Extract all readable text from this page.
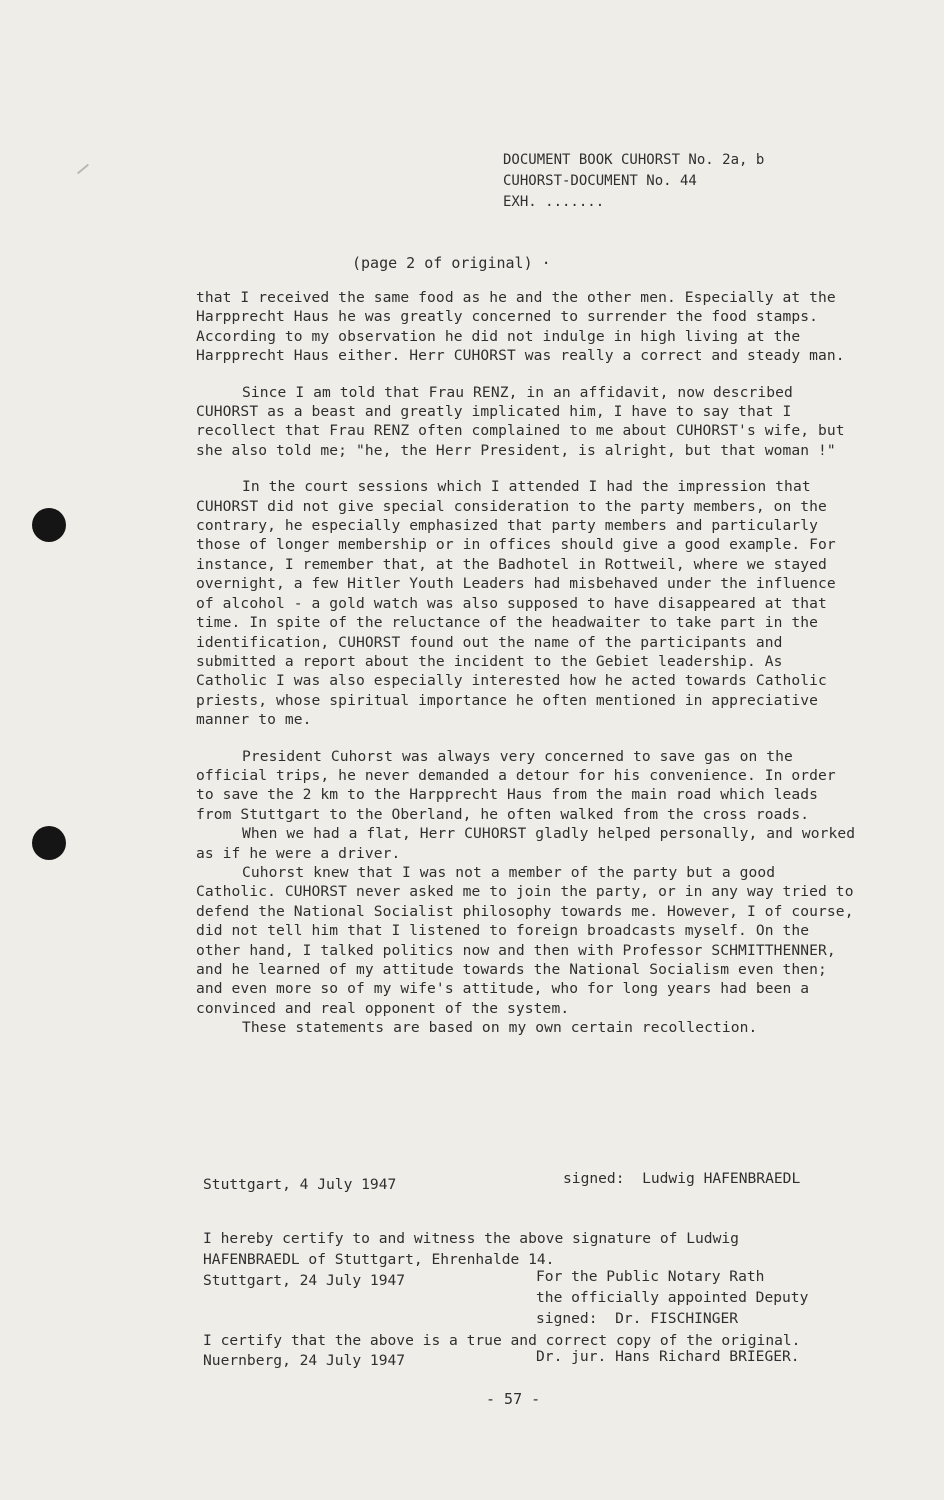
DOCUMENT BOOK CUHORST No. 2a, b
CUHORST-DOCUMENT No. 44
EXH. .......
(page 2 of original) ·

that I received the same food as he and the other men. Especially at the Harpprecht Haus he was greatly concerned to surrender the food stamps. According to my observation he did not indulge in high living at the Harpprecht Haus either. Herr CUHORST was really a correct and steady man.

Since I am told that Frau RENZ, in an affidavit, now described CUHORST as a beast and greatly implicated him, I have to say that I recollect that Frau RENZ often complained to me about CUHORST's wife, but she also told me; "he, the Herr President, is alright, but that woman !"

In the court sessions which I attended I had the impression that CUHORST did not give special consideration to the party members, on the contrary, he especially emphasized that party members and particularly those of longer membership or in offices should give a good example. For instance, I remember that, at the Badhotel in Rottweil, where we stayed overnight, a few Hitler Youth Leaders had misbehaved under the influence of alcohol - a gold watch was also supposed to have disappeared at that time. In spite of the reluctance of the headwaiter to take part in the identification, CUHORST found out the name of the participants and submitted a report about the incident to the Gebiet leadership. As Catholic I was also especially interested how he acted towards Catholic priests, whose spiritual importance he often mentioned in appreciative manner to me.

President Cuhorst was always very concerned to save gas on the official trips, he never demanded a detour for his convenience. In order to save the 2 km to the Harpprecht Haus from the main road which leads from Stuttgart to the Oberland, he often walked from the cross roads.

When we had a flat, Herr CUHORST gladly helped personally, and worked as if he were a driver.

Cuhorst knew that I was not a member of the party but a good Catholic. CUHORST never asked me to join the party, or in any way tried to defend the National Socialist philosophy towards me. However, I of course, did not tell him that I listened to foreign broadcasts myself. On the other hand, I talked politics now and then with Professor SCHMITTHENNER, and he learned of my attitude towards the National Socialism even then; and even more so of my wife's attitude, who for long years had been a convinced and real opponent of the system.

These statements are based on my own certain recollection.

Stuttgart, 4 July 1947	signed:  Ludwig HAFENBRAEDL
I hereby certify to and witness the above signature of Ludwig
HAFENBRAEDL of Stuttgart, Ehrenhalde 14.
Stuttgart, 24 July 1947	For the Public Notary Rath
the officially appointed Deputy
signed:  Dr. FISCHINGER
I certify that the above is a true and correct copy of the original.
Nuernberg, 24 July 1947	Dr. jur. Hans Richard BRIEGER.
- 57 -
